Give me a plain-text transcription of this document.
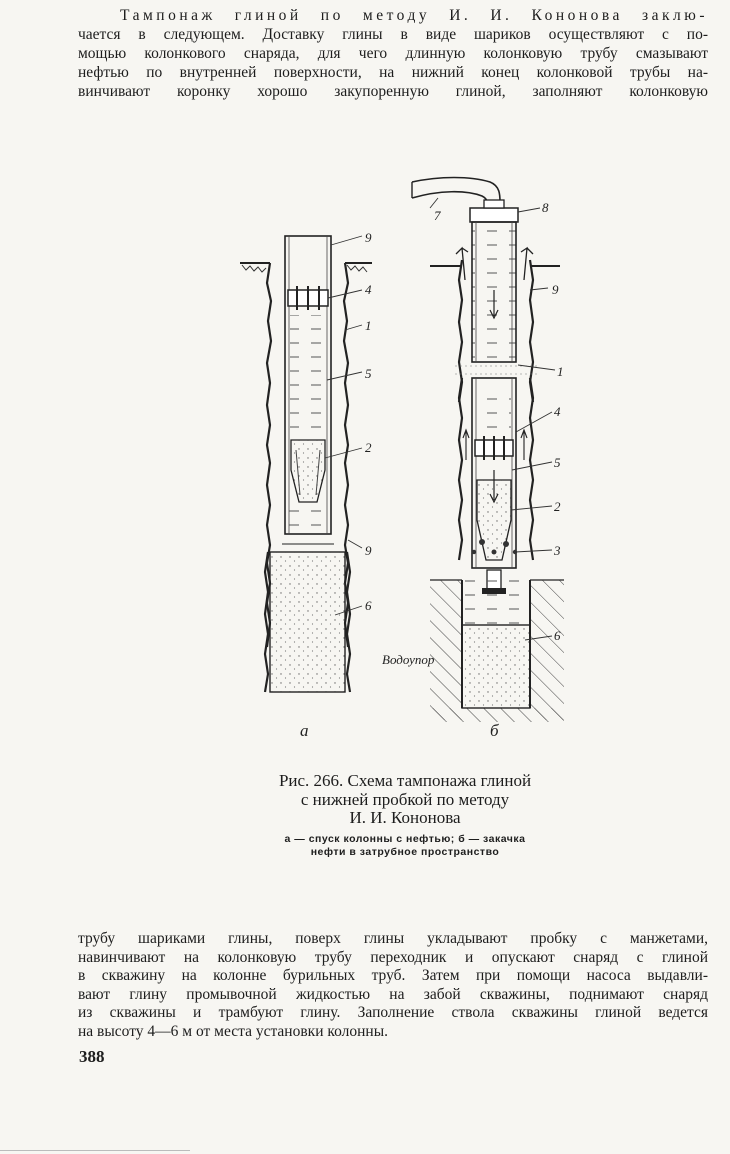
Тампонаж глиной по методу И. И. Кононова заклю-
чается в следующем. Доставку глины в виде шариков осуществляют с по-
мощью колонкового снаряда, для чего длинную колонковую трубу смазывают
нефтью по внутренней поверхности, на нижний конец колонковой трубы на-
винчивают коронку хорошо закупоренную глиной, заполняют колонковую
9
4
1
5
2
9
6
а
7
8
9
1
4
5
2
3
6
Водоупор
б
Рис. 266. Схема тампонажа глиной
с нижней пробкой по методу
И. И. Кононова
а — спуск колонны с нефтью; б — закачка
нефти в затрубное пространство
трубу шариками глины, поверх глины укладывают пробку с манжетами,
навинчивают на колонковую трубу переходник и опускают снаряд с глиной
в скважину на колонне бурильных труб. Затем при помощи насоса выдавли-
вают глину промывочной жидкостью на забой скважины, поднимают снаряд
из скважины и трамбуют глину. Заполнение ствола скважины глиной ведется
на высоту 4—6 м от места установки колонны.
388
